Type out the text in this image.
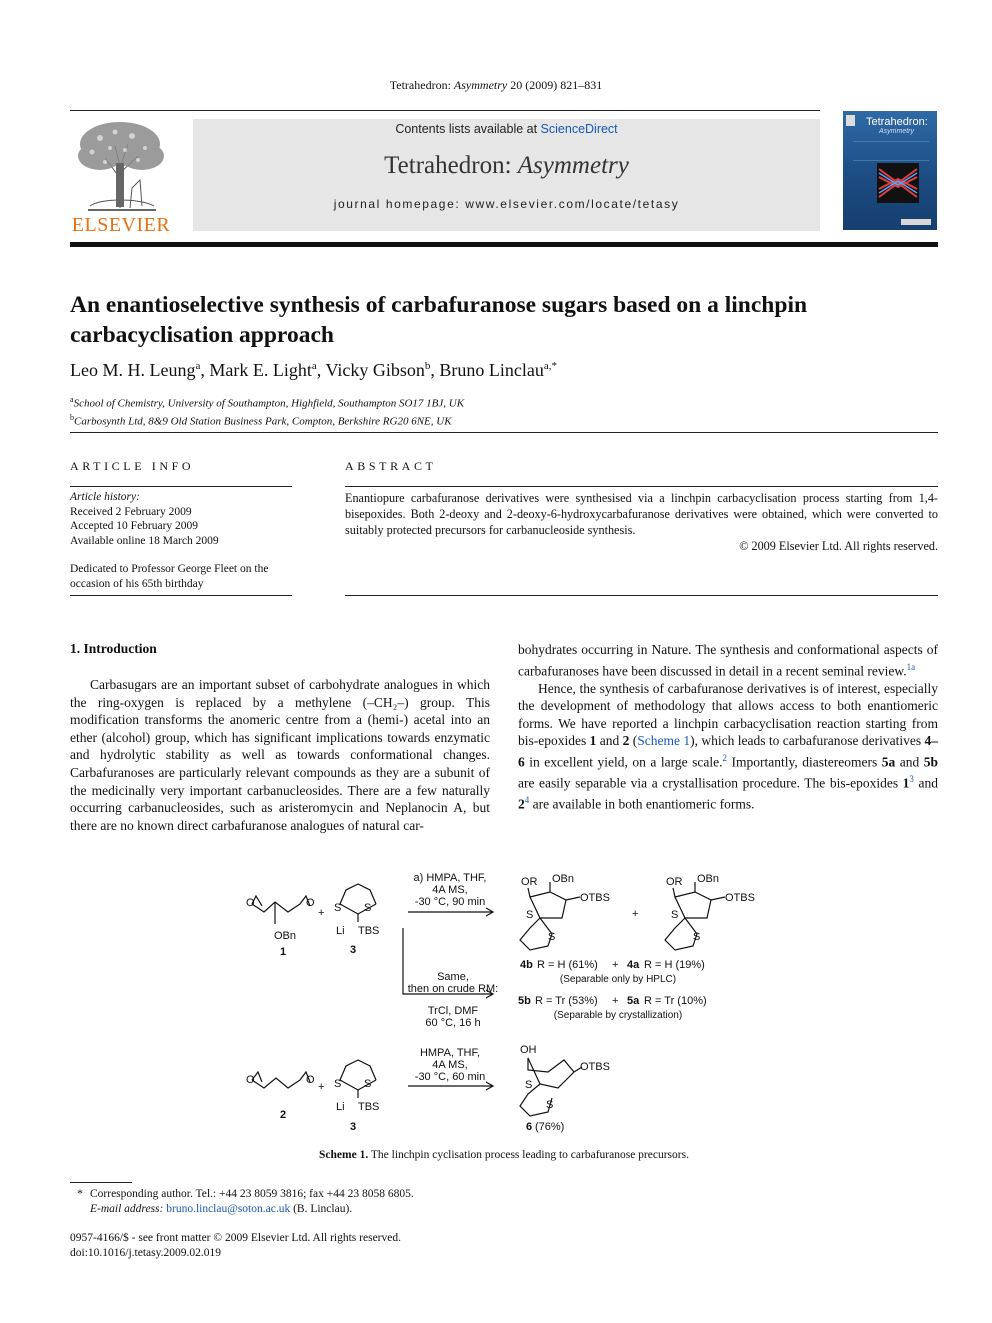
Tetrahedron: Asymmetry 20 (2009) 821–831
ELSEVIER
Contents lists available at ScienceDirect
Tetrahedron: Asymmetry
journal homepage: www.elsevier.com/locate/tetasy
Tetrahedron:
Asymmetry
An enantioselective synthesis of carbafuranose sugars based on a linchpin carbacyclisation approach
Leo M. H. Leung$^a$, Mark E. Light$^a$, Vicky Gibson$^b$, Bruno Linclau$^{a,*}$
$^a$School of Chemistry, University of Southampton, Highfield, Southampton SO17 1BJ, UK
$^b$Carbosynth Ltd, 8&9 Old Station Business Park, Compton, Berkshire RG20 6NE, UK
ARTICLE INFO
Article history:
Received 2 February 2009
Accepted 10 February 2009
Available online 18 March 2009
Dedicated to Professor George Fleet on the occasion of his 65th birthday
ABSTRACT
Enantiopure carbafuranose derivatives were synthesised via a linchpin carbacyclisation process starting from 1,4-bisepoxides. Both 2-deoxy and 2-deoxy-6-hydroxycarbafuranose derivatives were obtained, which were converted to suitably protected precursors for carbanucleoside synthesis.
© 2009 Elsevier Ltd. All rights reserved.
1. Introduction
Carbasugars are an important subset of carbohydrate analogues in which the ring-oxygen is replaced by a methylene (–CH₂–) group. This modification transforms the anomeric centre from a (hemi-) acetal into an ether (alcohol) group, which has significant implications towards enzymatic and hydrolytic stability as well as towards conformational changes. Carbafuranoses are particularly relevant compounds as they are a subunit of the medicinally very important carbanucleosides. There are a few naturally occurring carbanucleosides, such as aristeromycin and Neplanocin A, but there are no known direct carbafuranose analogues of natural car-
bohydrates occurring in Nature. The synthesis and conformational aspects of carbafuranoses have been discussed in detail in a recent seminal review.$^{1a}$
Hence, the synthesis of carbafuranose derivatives is of interest, especially the development of methodology that allows access to both enantiomeric forms. We have reported a linchpin carbacyclisation reaction starting from bis-epoxides 1 and 2 (Scheme 1), which leads to carbafuranose derivatives 4–6 in excellent yield, on a large scale.$^2$ Importantly, diastereomers 5a and 5b are easily separable via a crystallisation procedure. The bis-epoxides $1^3$ and $2^4$ are available in both enantiomeric forms.
O	O
OBn
1
+ S S
Li TBS
3
a) HMPA, THF,
4A MS,
-30 °C, 90 min
Same,
then on crude RM:
TrCl, DMF
60 °C, 16 h
OR OBn
OTBS
S
S
+
OR OBn
OTBS
S
S
4b R = H (61%) + 4a R = H (19%)
(Separable only by HPLC)
5b R = Tr (53%) + 5a R = Tr (10%)
(Separable by crystallization)
O	O
2
+ S S
Li TBS
3
HMPA, THF,
4A MS,
-30 °C, 60 min
OH
OTBS
S
S
6 (76%)
Scheme 1. The linchpin cyclisation process leading to carbafuranose precursors.
* Corresponding author. Tel.: +44 23 8059 3816; fax +44 23 8058 6805.
E-mail address: bruno.linclau@soton.ac.uk (B. Linclau).
0957-4166/$ - see front matter © 2009 Elsevier Ltd. All rights reserved.
doi:10.1016/j.tetasy.2009.02.019
